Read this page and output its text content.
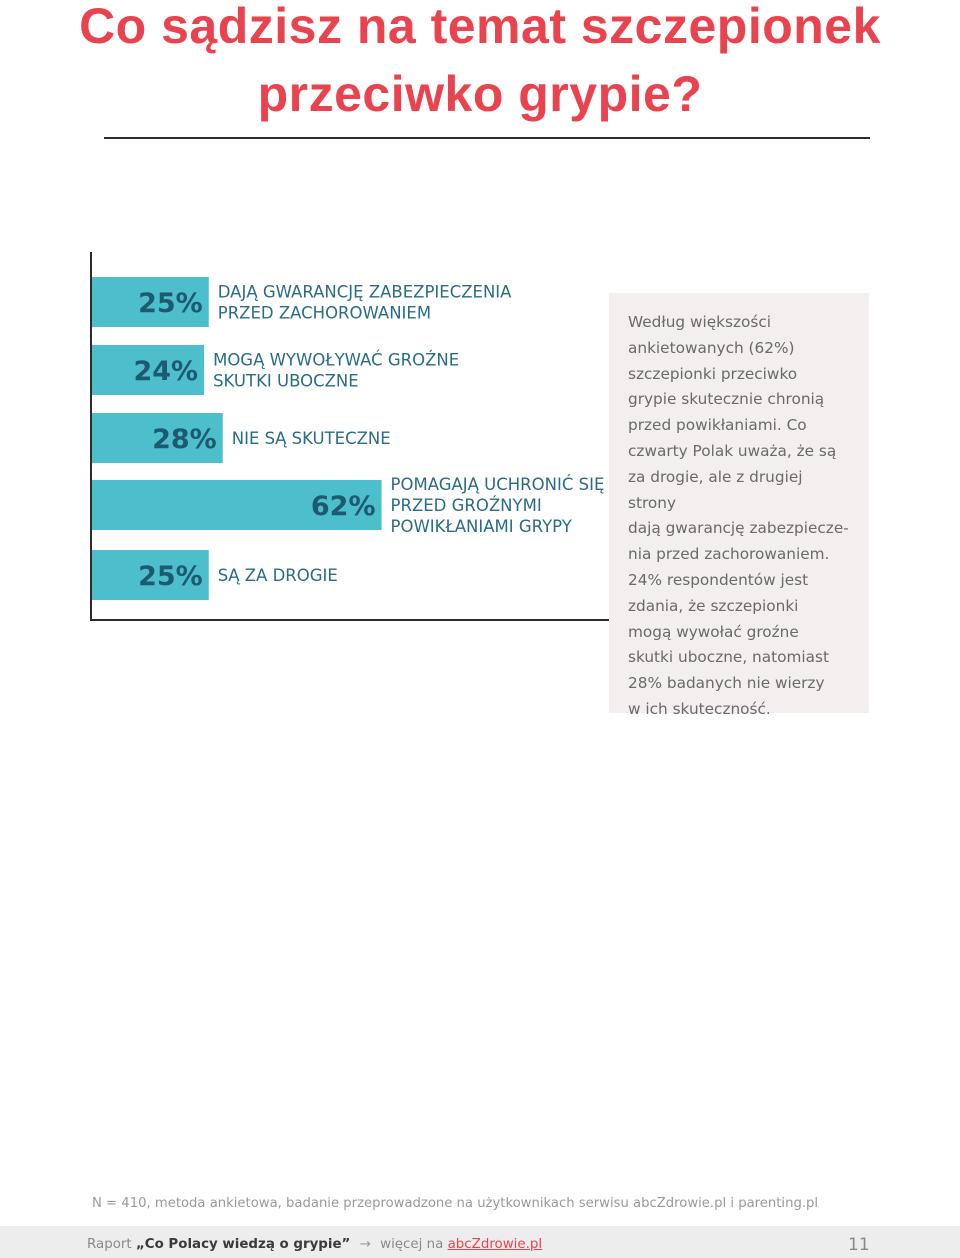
Co sądzisz na temat szczepionek przeciwko grypie?
25% DAJĄ GWARANCJĘ ZABEZPIECZENIA
PRZED ZACHOROWANIEM
24% MOGĄ WYWOŁYWAĆ GROŹNE
SKUTKI UBOCZNE
28% NIE SĄ SKUTECZNE
62%
POMAGAJĄ UCHRONIĆ SIĘ
PRZED GROŹNYMI
POWIKŁANIAMI GRYPY
25% SĄ ZA DROGIE

Według większości
ankietowanych (62%)
szczepionki przeciwko
grypie skutecznie chronią
przed powikłaniami. Co
czwarty Polak uważa, że są
za drogie, ale z drugiej strony
dają gwarancję zabezpiecze-
nia przed zachorowaniem.
24% respondentów jest
zdania, że szczepionki
mogą wywołać groźne
skutki uboczne, natomiast
28% badanych nie wierzy
w ich skuteczność.

N = 410, metoda ankietowa, badanie przeprowadzone na użytkownikach serwisu abcZdrowie.pl i parenting.pl

Raport „Co Polacy wiedzą o grypie” → więcej na abcZdrowie.pl	11
